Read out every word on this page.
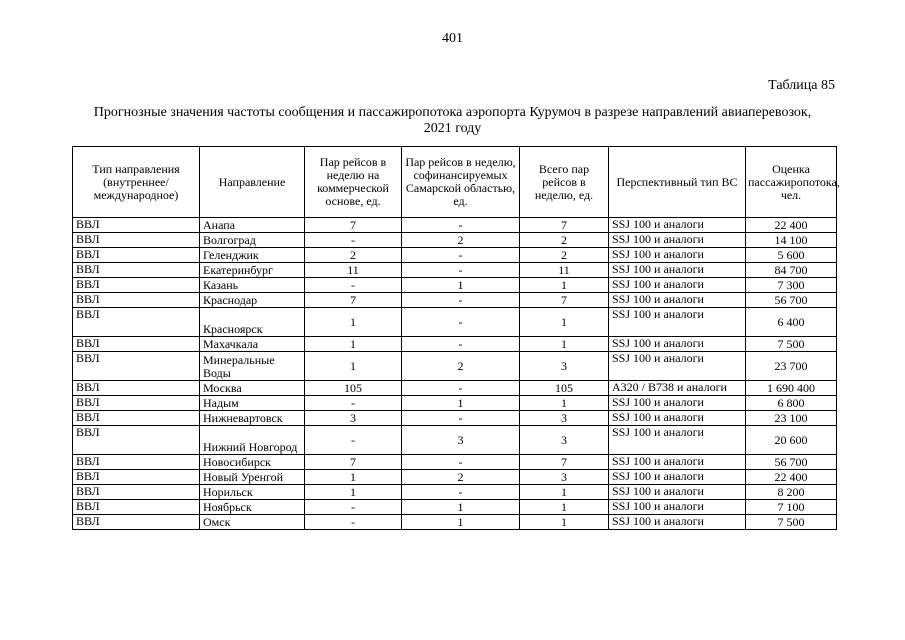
401
Таблица 85
Прогнозные значения частоты сообщения и пассажиропотока аэропорта Курумоч в разрезе направлений авиаперевозок, 2021 году
Тип направления (внутреннее/ международное)	Направление	Пар рейсов в неделю на коммерческой основе, ед.	Пар рейсов в неделю, софинансируемых Самарской областью, ед.	Всего пар рейсов в неделю, ед.	Перспективный тип ВС	Оценка пассажиропотока, чел.
ВВЛ	Анапа	7	-	7	SSJ 100 и аналоги	22 400
ВВЛ	Волгоград	-	2	2	SSJ 100 и аналоги	14 100
ВВЛ	Геленджик	2	-	2	SSJ 100 и аналоги	5 600
ВВЛ	Екатеринбург	11	-	11	SSJ 100 и аналоги	84 700
ВВЛ	Казань	-	1	1	SSJ 100 и аналоги	7 300
ВВЛ	Краснодар	7	-	7	SSJ 100 и аналоги	56 700
ВВЛ	Красноярск	1	-	1	SSJ 100 и аналоги	6 400
ВВЛ	Махачкала	1	-	1	SSJ 100 и аналоги	7 500
ВВЛ	Минеральные Воды	1	2	3	SSJ 100 и аналоги	23 700
ВВЛ	Москва	105	-	105	A320 / B738 и аналоги	1 690 400
ВВЛ	Надым	-	1	1	SSJ 100 и аналоги	6 800
ВВЛ	Нижневартовск	3	-	3	SSJ 100 и аналоги	23 100
ВВЛ	Нижний Новгород	-	3	3	SSJ 100 и аналоги	20 600
ВВЛ	Новосибирск	7	-	7	SSJ 100 и аналоги	56 700
ВВЛ	Новый Уренгой	1	2	3	SSJ 100 и аналоги	22 400
ВВЛ	Норильск	1	-	1	SSJ 100 и аналоги	8 200
ВВЛ	Ноябрьск	-	1	1	SSJ 100 и аналоги	7 100
ВВЛ	Омск	-	1	1	SSJ 100 и аналоги	7 500
